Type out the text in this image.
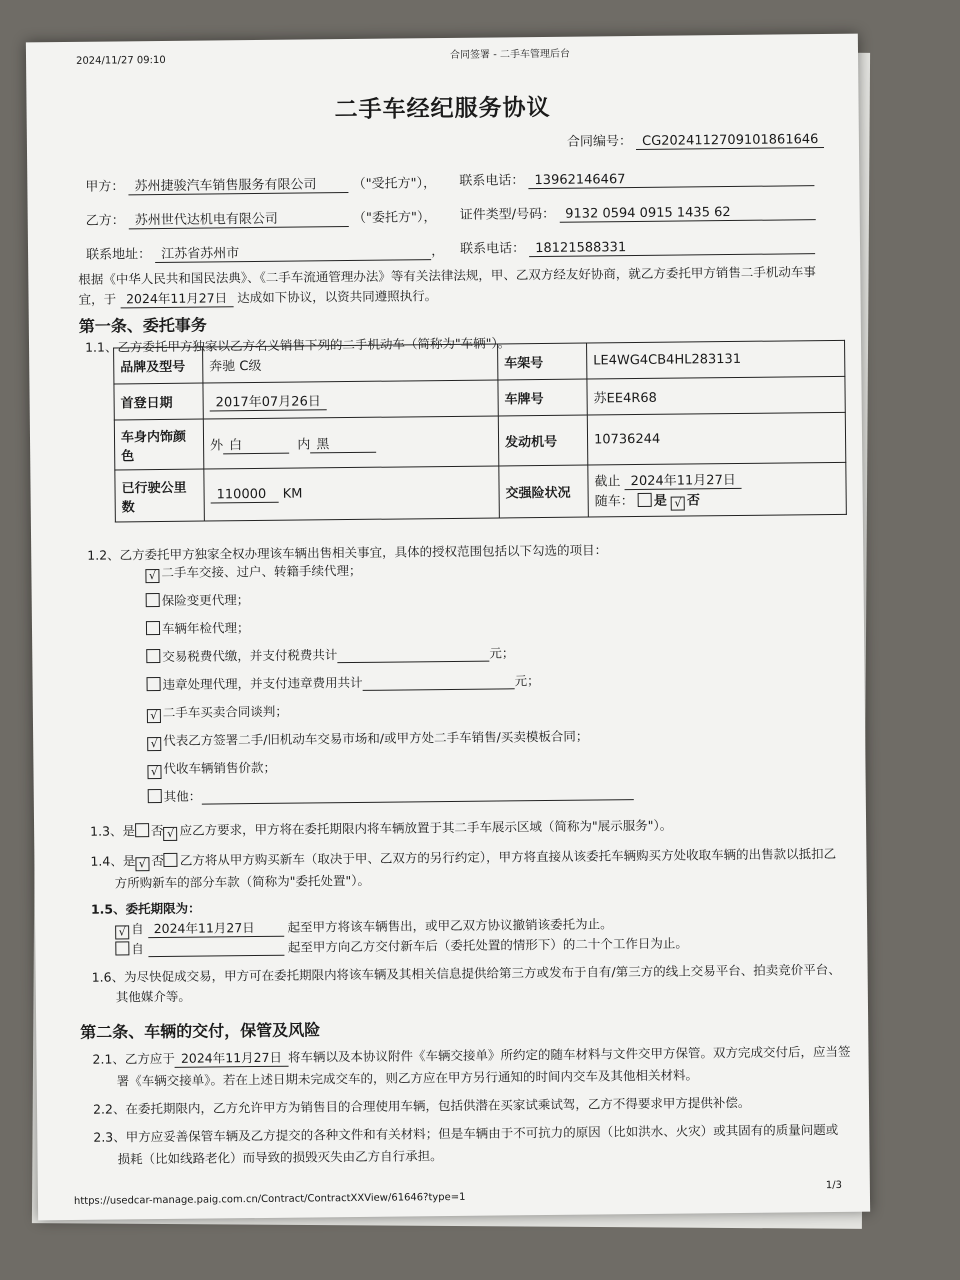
2024/11/27 09:10	合同签署 - 二手车管理后台
二手车经纪服务协议
合同编号： CG2024112709101861646
甲方： 苏州捷骏汽车销售服务有限公司	（"受托方"）， 联系电话： 13962146467
乙方： 苏州世代达机电有限公司	（"委托方"）， 证件类型/号码： 9132 0594 0915 1435 62
联系地址： 江苏省苏州市	， 联系电话： 18121588331
根据《中华人民共和国民法典》、《二手车流通管理办法》等有关法律法规，甲、乙双方经友好协商，就乙方委托甲方销售二手机动车事
宜，于 2024年11月27日 达成如下协议，以资共同遵照执行。
第一条、委托事务
1.1、乙方委托甲方独家以乙方名义销售下列的二手机动车（简称为"车辆"）。
品牌及型号	奔驰 C级	车架号	LE4WG4CB4HL283131
首登日期	2017年07月26日	车牌号	苏EE4R68
车身内饰颜色	外 白 内 黑	发动机号	10736244
已行驶公里数	110000 KM	交强险状况	截止 2024年11月27日
随车： 是 √ 否
1.2、乙方委托甲方独家全权办理该车辆出售相关事宜，具体的授权范围包括以下勾选的项目：
√ 二手车交接、过户、转籍手续代理；
保险变更代理；
车辆年检代理；
交易税费代缴，并支付税费共计	元；
违章处理代理，并支付违章费用共计	元；
√ 二手车买卖合同谈判；
√ 代表乙方签署二手/旧机动车交易市场和/或甲方处二手车销售/买卖模板合同；
√ 代收车辆销售价款；
其他：
1.3、是 否 √ 应乙方要求，甲方将在委托期限内将车辆放置于其二手车展示区域（简称为"展示服务"）。
1.4、是 √ 否 乙方将从甲方购买新车（取决于甲、乙双方的另行约定），甲方将直接从该委托车辆购买方处收取车辆的出售款以抵扣乙
方所购新车的部分车款（简称为"委托处置"）。
1.5、委托期限为：
√ 自 2024年11月27日	起至甲方将该车辆售出，或甲乙双方协议撤销该委托为止。
自	起至甲方向乙方交付新车后（委托处置的情形下）的二十个工作日为止。
1.6、为尽快促成交易，甲方可在委托期限内将该车辆及其相关信息提供给第三方或发布于自有/第三方的线上交易平台、拍卖竞价平台、
其他媒介等。
第二条、车辆的交付，保管及风险
2.1、乙方应于 2024年11月27日 将车辆以及本协议附件《车辆交接单》所约定的随车材料与文件交甲方保管。双方完成交付后，应当签
署《车辆交接单》。若在上述日期未完成交车的，则乙方应在甲方另行通知的时间内交车及其他相关材料。
2.2、在委托期限内，乙方允许甲方为销售目的合理使用车辆，包括供潜在买家试乘试驾，乙方不得要求甲方提供补偿。
2.3、甲方应妥善保管车辆及乙方提交的各种文件和有关材料；但是车辆由于不可抗力的原因（比如洪水、火灾）或其固有的质量问题或
损耗（比如线路老化）而导致的损毁灭失由乙方自行承担。
https://usedcar-manage.paig.com.cn/Contract/ContractXXView/61646?type=1
1/3
